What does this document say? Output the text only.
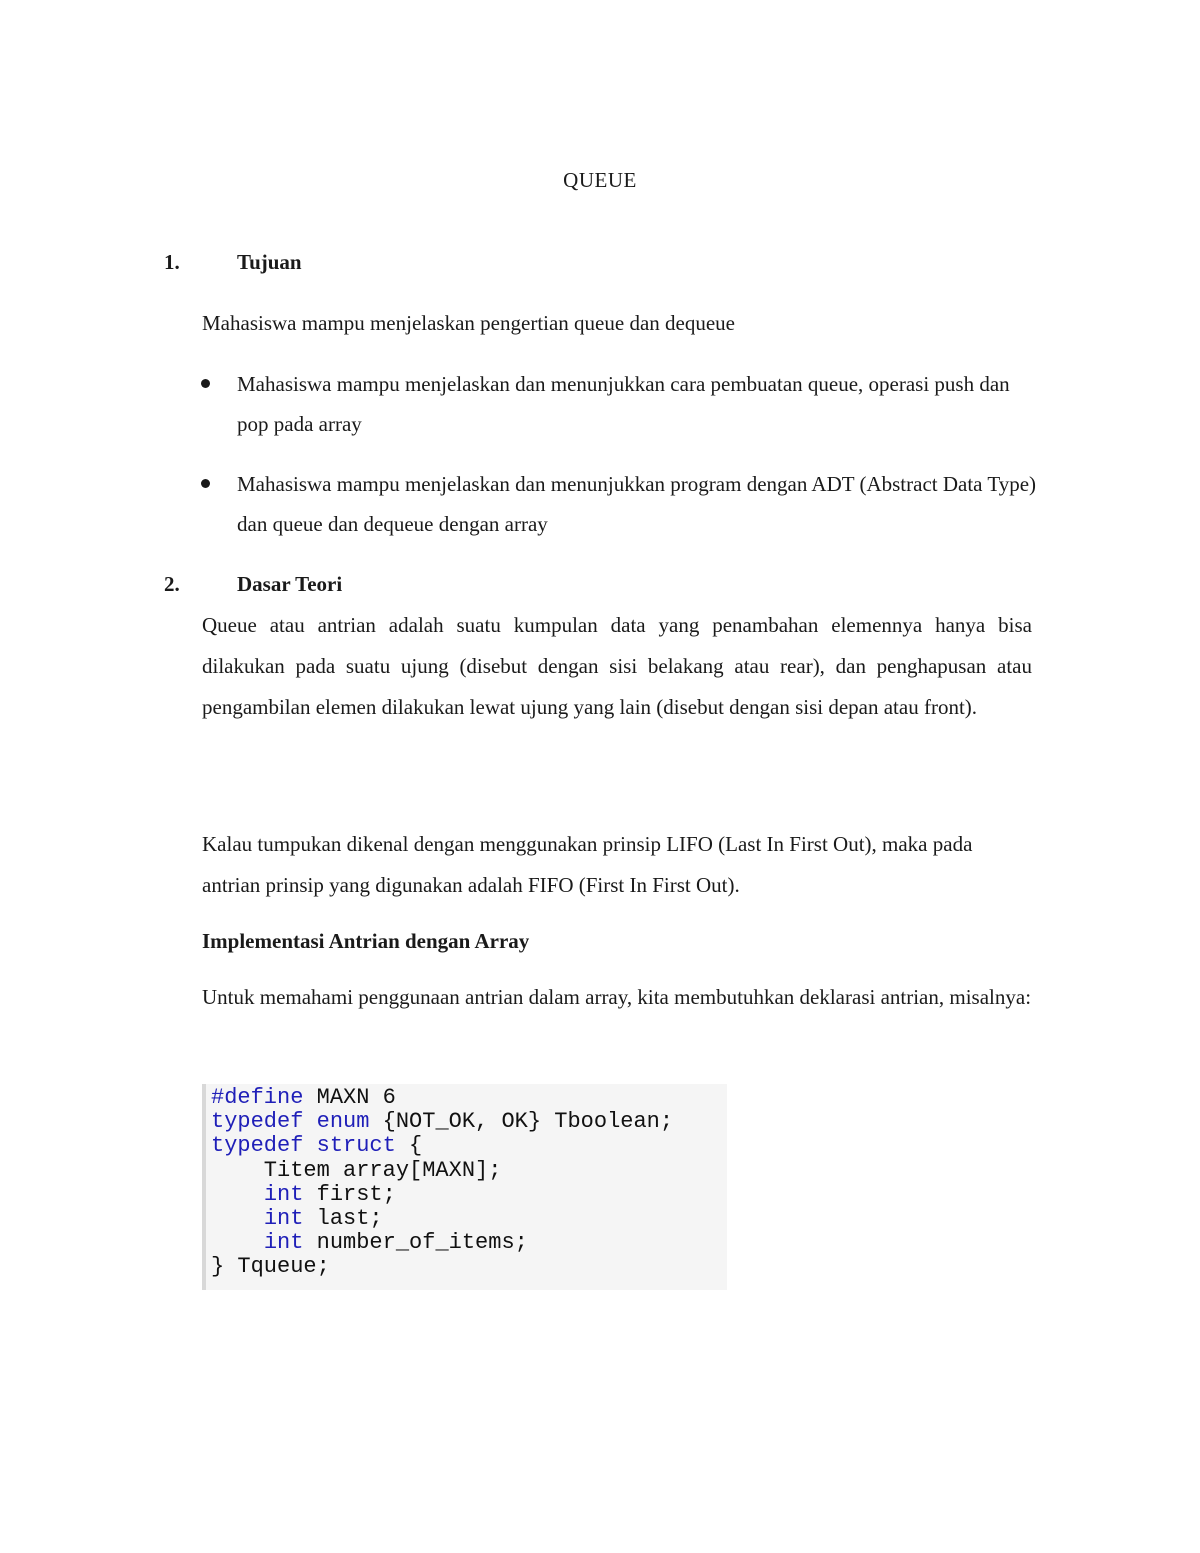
QUEUE
1.	Tujuan
Mahasiswa mampu menjelaskan pengertian queue dan dequeue
Mahasiswa mampu menjelaskan dan menunjukkan cara pembuatan queue, operasi push dan pop pada array
Mahasiswa mampu menjelaskan dan menunjukkan program dengan ADT (Abstract Data Type) dan queue dan dequeue dengan array
2.	Dasar Teori
Queue atau antrian adalah suatu kumpulan data yang penambahan elemennya hanya bisa dilakukan pada suatu ujung (disebut dengan sisi belakang atau rear), dan penghapusan atau pengambilan elemen dilakukan lewat ujung yang lain (disebut dengan sisi depan atau front).
Kalau tumpukan dikenal dengan menggunakan prinsip LIFO (Last In First Out), maka pada antrian prinsip yang digunakan adalah FIFO (First In First Out).
Implementasi Antrian dengan Array
Untuk memahami penggunaan antrian dalam array, kita membutuhkan deklarasi antrian, misalnya:
#define MAXN 6
typedef enum {NOT_OK, OK} Tboolean;
typedef struct {
Titem array[MAXN];
int first;
int last;
int number_of_items;
} Tqueue;
